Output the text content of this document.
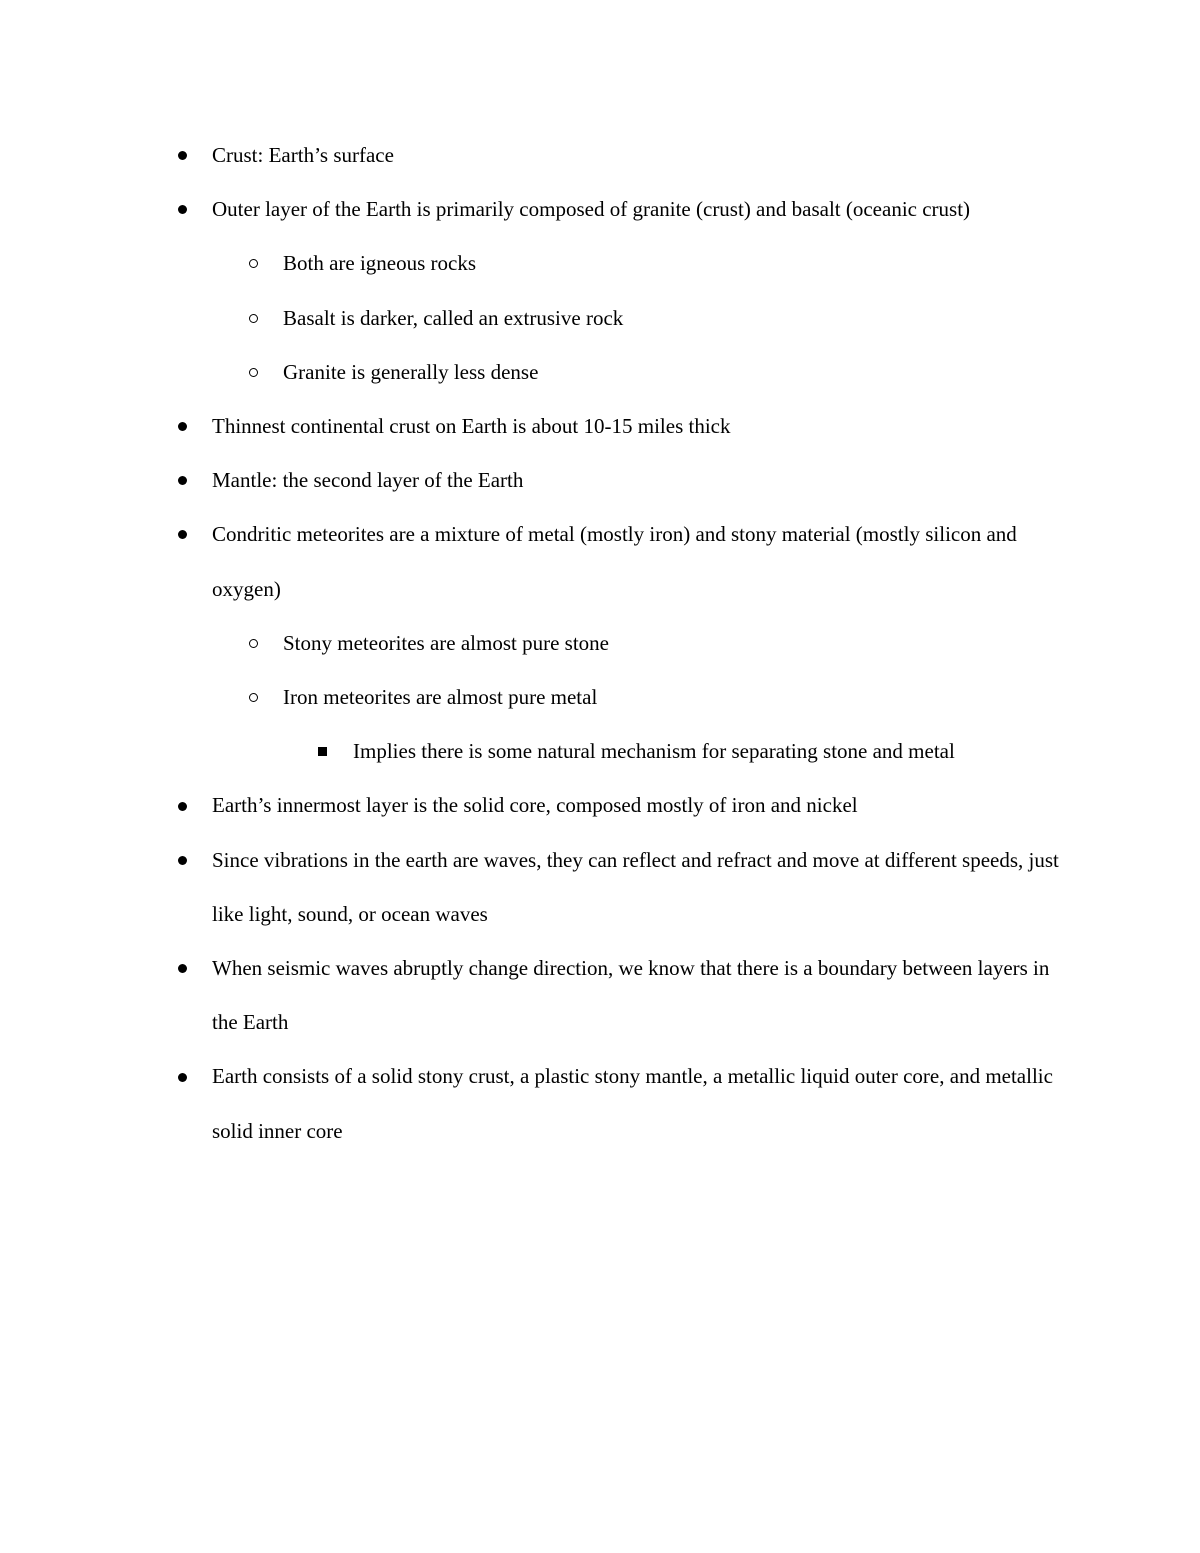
Crust: Earth’s surface
Outer layer of the Earth is primarily composed of granite (crust) and basalt (oceanic crust)
Both are igneous rocks
Basalt is darker, called an extrusive rock
Granite is generally less dense
Thinnest continental crust on Earth is about 10-15 miles thick
Mantle: the second layer of the Earth
Condritic meteorites are a mixture of metal (mostly iron) and stony material (mostly silicon and oxygen)
Stony meteorites are almost pure stone
Iron meteorites are almost pure metal
Implies there is some natural mechanism for separating stone and metal
Earth’s innermost layer is the solid core, composed mostly of iron and nickel
Since vibrations in the earth are waves, they can reflect and refract and move at different speeds, just like light, sound, or ocean waves
When seismic waves abruptly change direction, we know that there is a boundary between layers in the Earth
Earth consists of a solid stony crust, a plastic stony mantle, a metallic liquid outer core, and metallic solid inner core
